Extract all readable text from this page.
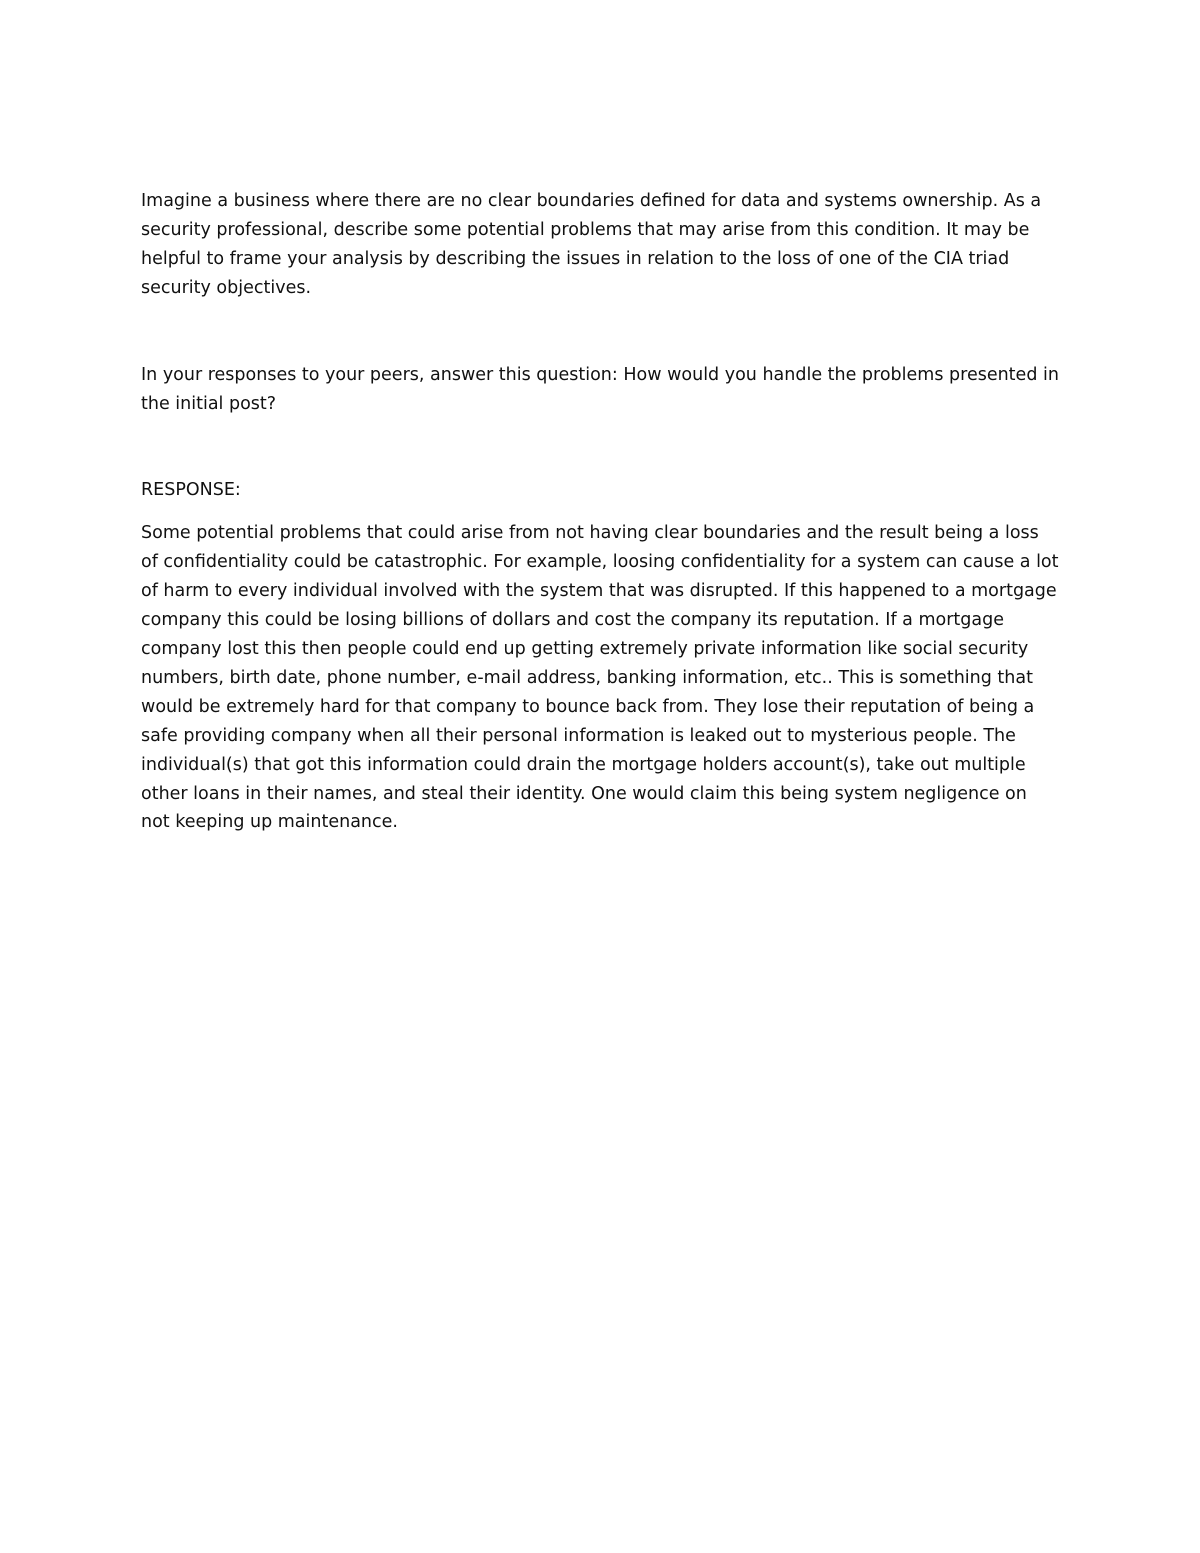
Imagine a business where there are no clear boundaries defined for data and systems ownership. As a security professional, describe some potential problems that may arise from this condition. It may be helpful to frame your analysis by describing the issues in relation to the loss of one of the CIA triad security objectives.

In your responses to your peers, answer this question: How would you handle the problems presented in the initial post?

RESPONSE:

Some potential problems that could arise from not having clear boundaries and the result being a loss of confidentiality could be catastrophic. For example, loosing confidentiality for a system can cause a lot of harm to every individual involved with the system that was disrupted. If this happened to a mortgage company this could be losing billions of dollars and cost the company its reputation. If a mortgage company lost this then people could end up getting extremely private information like social security numbers, birth date, phone number, e-mail address, banking information, etc.. This is something that would be extremely hard for that company to bounce back from. They lose their reputation of being a safe providing company when all their personal information is leaked out to mysterious people. The individual(s) that got this information could drain the mortgage holders account(s), take out multiple other loans in their names, and steal their identity. One would claim this being system negligence on not keeping up maintenance.
